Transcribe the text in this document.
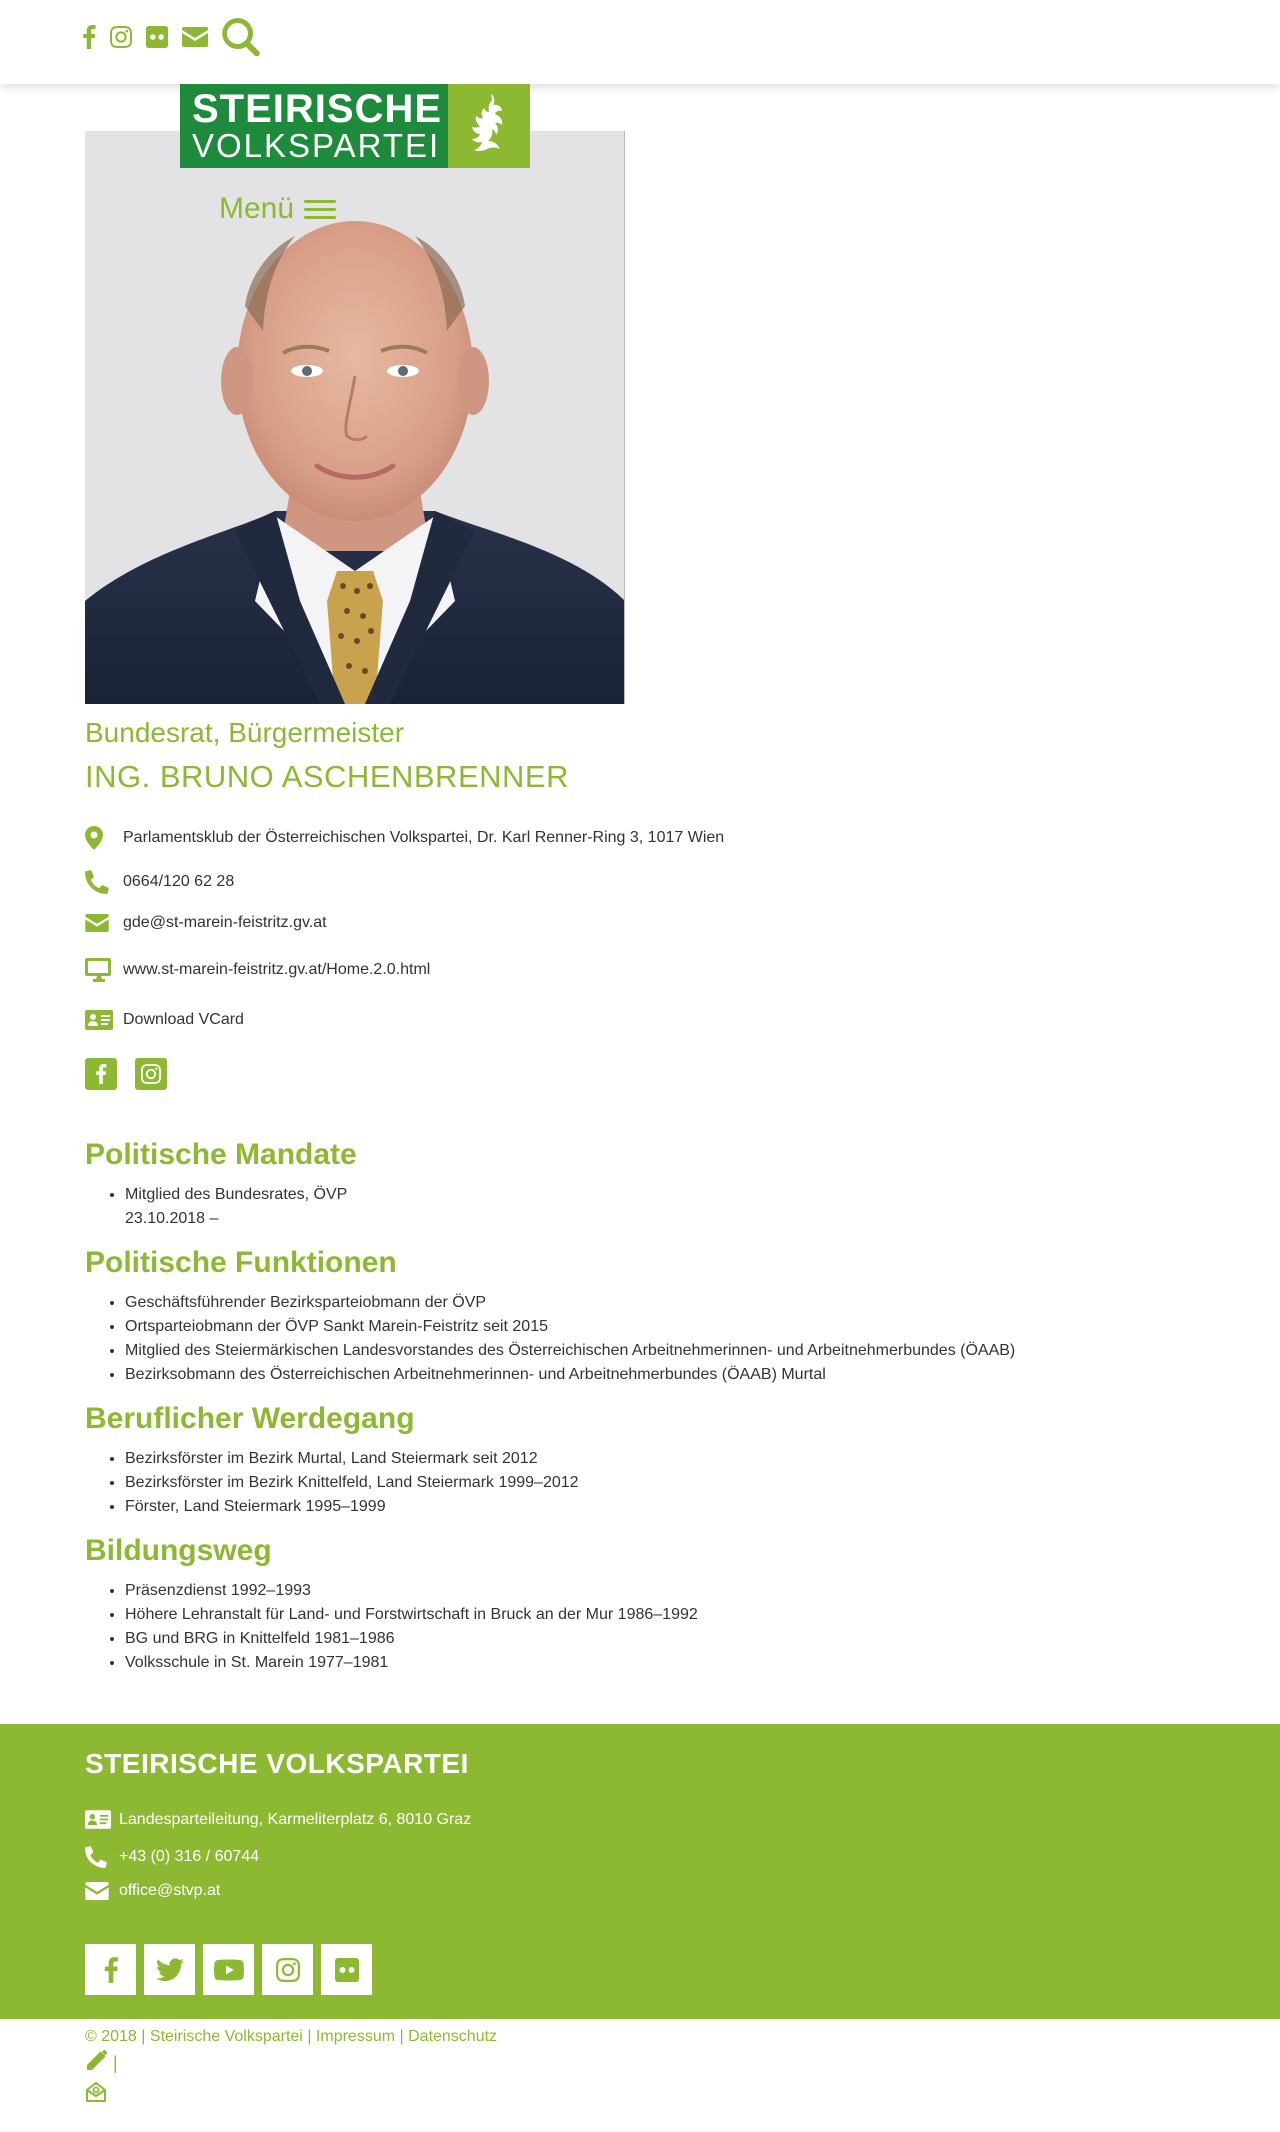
STEIRISCHE
VOLKSPARTEI
Menü
Bundesrat, Bürgermeister
ING. BRUNO ASCHENBRENNER
Parlamentsklub der Österreichischen Volkspartei, Dr. Karl Renner-Ring 3, 1017 Wien
0664/120 62 28
gde@st-marein-feistritz.gv.at
www.st-marein-feistritz.gv.at/Home.2.0.html
Download VCard
Politische Mandate
• Mitglied des Bundesrates, ÖVP
23.10.2018 –
Politische Funktionen
• Geschäftsführender Bezirksparteiobmann der ÖVP
• Ortsparteiobmann der ÖVP Sankt Marein-Feistritz seit 2015
• Mitglied des Steiermärkischen Landesvorstandes des Österreichischen Arbeitnehmerinnen- und Arbeitnehmerbundes (ÖAAB)
• Bezirksobmann des Österreichischen Arbeitnehmerinnen- und Arbeitnehmerbundes (ÖAAB) Murtal
Beruflicher Werdegang
• Bezirksförster im Bezirk Murtal, Land Steiermark seit 2012
• Bezirksförster im Bezirk Knittelfeld, Land Steiermark 1999–2012
• Förster, Land Steiermark 1995–1999
Bildungsweg
• Präsenzdienst 1992–1993
• Höhere Lehranstalt für Land- und Forstwirtschaft in Bruck an der Mur 1986–1992
• BG und BRG in Knittelfeld 1981–1986
• Volksschule in St. Marein 1977–1981
STEIRISCHE VOLKSPARTEI
Landesparteileitung, Karmeliterplatz 6, 8010 Graz
+43 (0) 316 / 60744
office@stvp.at
© 2018 | Steirische Volkspartei | Impressum | Datenschutz
|
